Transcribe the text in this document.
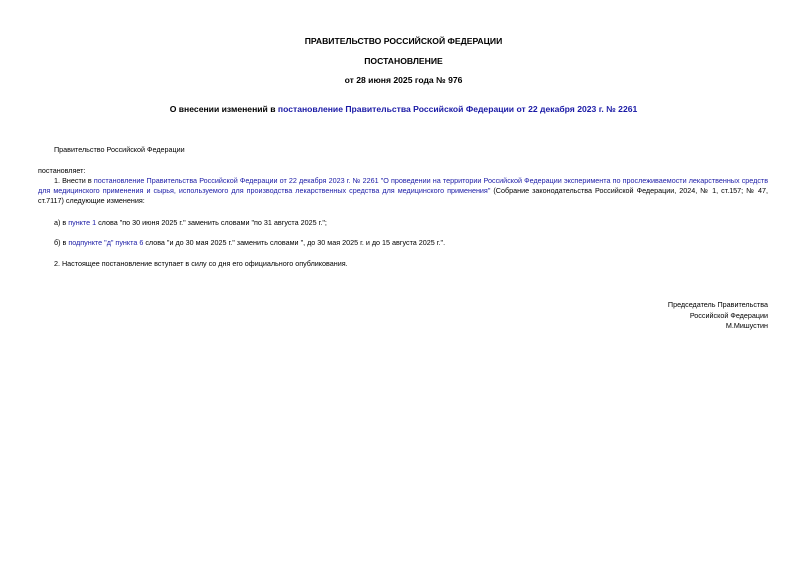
ПРАВИТЕЛЬСТВО РОССИЙСКОЙ ФЕДЕРАЦИИ
ПОСТАНОВЛЕНИЕ
от 28 июня 2025 года № 976
О внесении изменений в постановление Правительства Российской Федерации от 22 декабря 2023 г. № 2261
Правительство Российской Федерации
постановляет:
1. Внести в постановление Правительства Российской Федерации от 22 декабря 2023 г. № 2261 "О проведении на территории Российской Федерации эксперимента по прослеживаемости лекарственных средств для медицинского применения и сырья, используемого для производства лекарственных средства для медицинского применения" (Собрание законодательства Российской Федерации, 2024, № 1, ст.157; № 47, ст.7117) следующие изменения:
а) в пункте 1 слова "по 30 июня 2025 г." заменить словами "по 31 августа 2025 г.";
б) в подпункте "д" пункта 6 слова "и до 30 мая 2025 г." заменить словами ", до 30 мая 2025 г. и до 15 августа 2025 г.".
2. Настоящее постановление вступает в силу со дня его официального опубликования.
Председатель Правительства
Российской Федерации
М.Мишустин
